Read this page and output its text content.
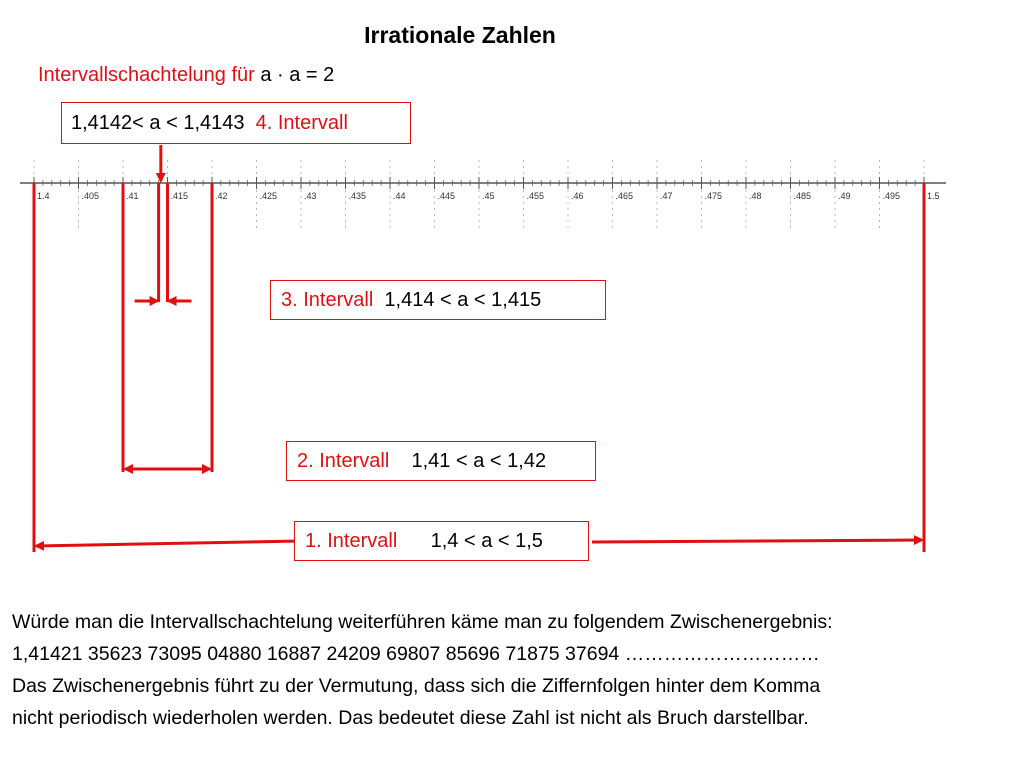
Irrationale Zahlen
Intervallschachtelung für a · a = 2
1.4	.405	.41	.415	.42	.425	.43	.435	.44	.445	.45	.455	.46	.465	.47	.475	.48	.485	.49	.495	1.5
1,4142< a < 1,4143
4. Intervall
3. Intervall
1,414 < a < 1,415
2. Intervall
1,41 < a < 1,42
1. Intervall
1,4 < a < 1,5
Würde man die Intervallschachtelung weiterführen käme man zu folgendem Zwischenergebnis:
1,41421 35623 73095 04880 16887 24209 69807 85696 71875 37694 …………………………
Das Zwischenergebnis führt zu der Vermutung, dass sich die Ziffernfolgen hinter dem Komma
nicht periodisch wiederholen werden. Das bedeutet diese Zahl ist nicht als Bruch darstellbar.
